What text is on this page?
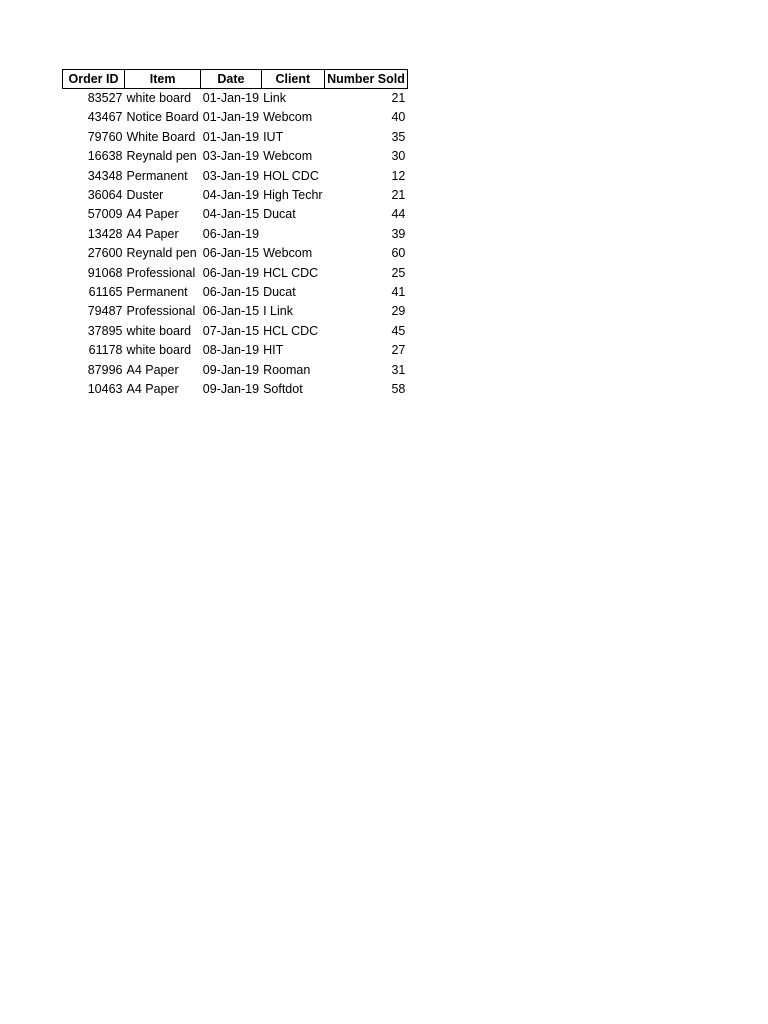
Order ID	Item	Date	Client	Number Sold
83527	white board	01-Jan-19	Link	21
43467	Notice Board	01-Jan-19	Webcom	40
79760	White Board	01-Jan-19	IUT	35
16638	Reynald pen	03-Jan-19	Webcom	30
34348	Permanent	03-Jan-19	HOL CDC	12
36064	Duster	04-Jan-19	High Techr	21
57009	A4 Paper	04-Jan-15	Ducat	44
13428	A4 Paper	06-Jan-19		39
27600	Reynald pen	06-Jan-15	Webcom	60
91068	Professional	06-Jan-19	HCL CDC	25
61165	Permanent	06-Jan-15	Ducat	41
79487	Professional	06-Jan-15	I Link	29
37895	white board	07-Jan-15	HCL CDC	45
61178	white board	08-Jan-19	HIT	27
87996	A4 Paper	09-Jan-19	Rooman	31
10463	A4 Paper	09-Jan-19	Softdot	58
